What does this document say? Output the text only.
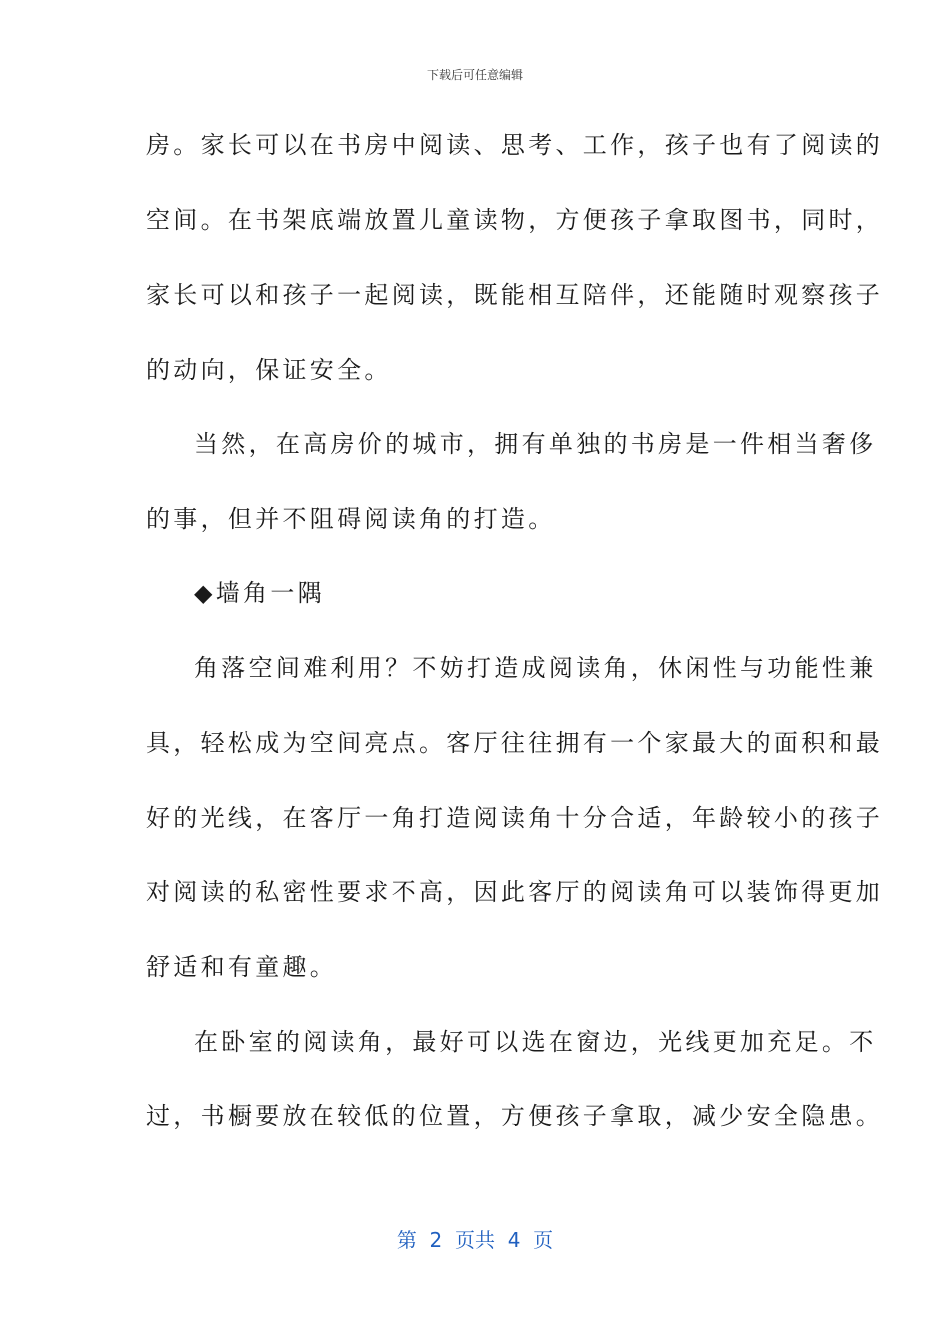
下载后可任意编辑
房。家长可以在书房中阅读、思考、工作，孩子也有了阅读的
空间。在书架底端放置儿童读物，方便孩子拿取图书，同时，
家长可以和孩子一起阅读，既能相互陪伴，还能随时观察孩子
的动向，保证安全。
当然，在高房价的城市，拥有单独的书房是一件相当奢侈
的事，但并不阻碍阅读角的打造。
◆墙角一隅
角落空间难利用？不妨打造成阅读角，休闲性与功能性兼
具，轻松成为空间亮点。客厅往往拥有一个家最大的面积和最
好的光线，在客厅一角打造阅读角十分合适，年龄较小的孩子
对阅读的私密性要求不高，因此客厅的阅读角可以装饰得更加
舒适和有童趣。
在卧室的阅读角，最好可以选在窗边，光线更加充足。不
过，书橱要放在较低的位置，方便孩子拿取，减少安全隐患。
第  2  页共  4  页
